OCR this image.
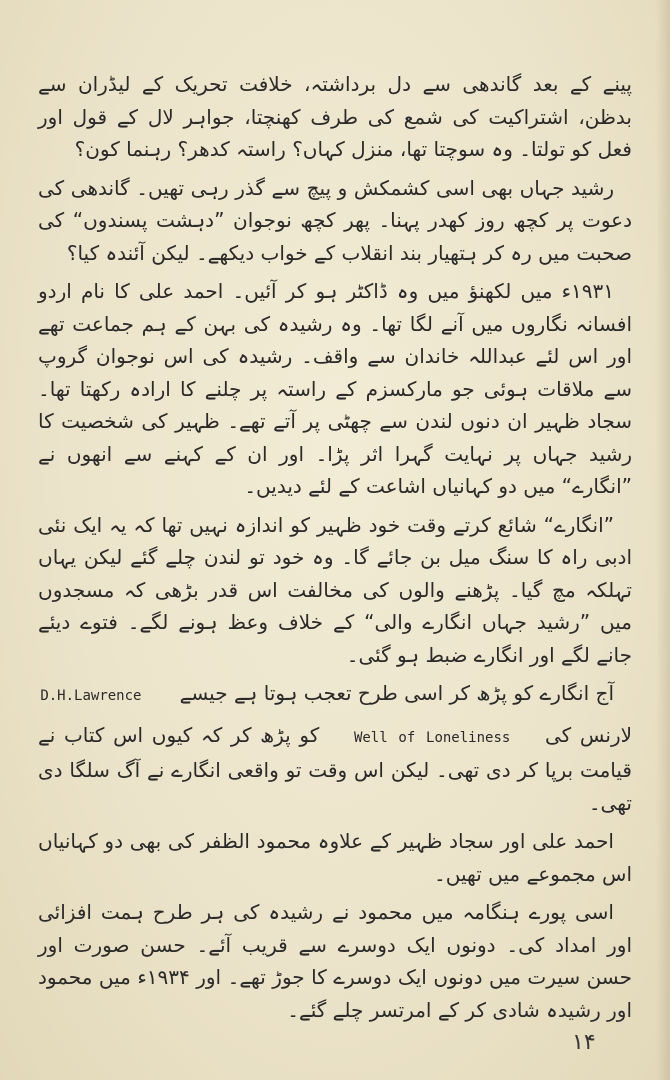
پینے کے بعد گاندھی سے دل برداشتہ، خلافت تحریک کے لیڈران سے بدظن، اشتراکیت کی شمع کی طرف کھنچتا، جواہر لال کے قول اور فعل کو تولتا۔ وہ سوچتا تھا، منزل کہاں؟ راستہ کدھر؟ رہنما کون؟

رشید جہاں بھی اسی کشمکش و پیچ سے گذر رہی تھیں۔ گاندھی کی دعوت پر کچھ روز کھدر پہنا۔ پھر کچھ نوجوان ”دہشت پسندوں“ کی صحبت میں رہ کر ہتھیار بند انقلاب کے خواب دیکھے۔ لیکن آئندہ کیا؟

۱۹۳۱ء میں لکھنؤ میں وہ ڈاکٹر ہو کر آئیں۔ احمد علی کا نام اردو افسانہ نگاروں میں آنے لگا تھا۔ وہ رشیدہ کی بہن کے ہم جماعت تھے اور اس لئے عبداللہ خاندان سے واقف۔ رشیدہ کی اس نوجوان گروپ سے ملاقات ہوئی جو مارکسزم کے راستہ پر چلنے کا ارادہ رکھتا تھا۔ سجاد ظہیر ان دنوں لندن سے چھٹی پر آتے تھے۔ ظہیر کی شخصیت کا رشید جہاں پر نہایت گہرا اثر پڑا۔ اور ان کے کہنے سے انھوں نے ”انگارے“ میں دو کہانیاں اشاعت کے لئے دیدیں۔

”انگارے“ شائع کرتے وقت خود ظہیر کو اندازہ نہیں تھا کہ یہ ایک نئی ادبی راہ کا سنگ میل بن جائے گا۔ وہ خود تو لندن چلے گئے لیکن یہاں تہلکہ مچ گیا۔ پڑھنے والوں کی مخالفت اس قدر بڑھی کہ مسجدوں میں ”رشید جہاں انگارے والی“ کے خلاف وعظ ہونے لگے۔ فتوے دیئے جانے لگے اور انگارے ضبط ہو گئی۔

آج انگارے کو پڑھ کر اسی طرح تعجب ہوتا ہے جیسے      D.H.Lawrence

لارنس کی    Well of Loneliness    کو پڑھ کر کہ کیوں اس کتاب نے قیامت برپا کر دی تھی۔ لیکن اس وقت تو واقعی انگارے نے آگ سلگا دی تھی۔

احمد علی اور سجاد ظہیر کے علاوہ محمود الظفر کی بھی دو کہانیاں اس مجموعے میں تھیں۔

اسی پورے ہنگامہ میں محمود نے رشیدہ کی ہر طرح ہمت افزائی اور امداد کی۔ دونوں ایک دوسرے سے قریب آئے۔ حسن صورت اور حسن سیرت میں دونوں ایک دوسرے کا جوڑ تھے۔ اور ۱۹۳۴ء میں محمود اور رشیدہ شادی کر کے امرتسر چلے گئے۔

۱۴
